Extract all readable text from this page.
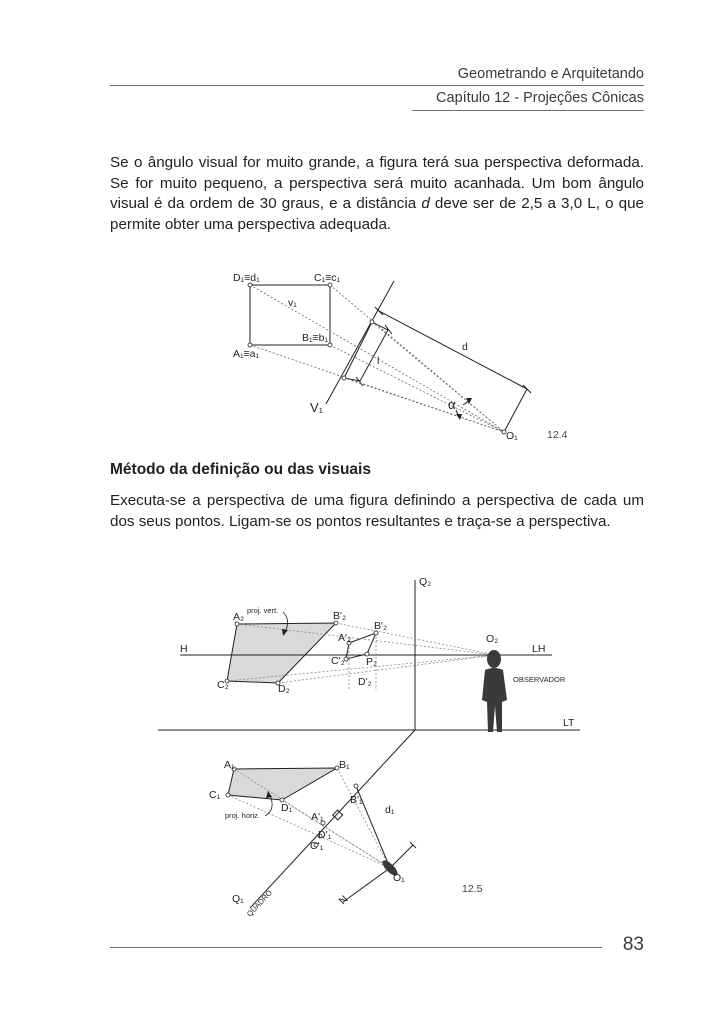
Geometrando e Arquitetando
Capítulo 12 - Projeções Cônicas
Se o ângulo visual for muito grande, a figura terá sua perspectiva deformada.
Se for muito pequeno, a perspectiva será muito acanhada. Um bom ângulo
visual é da ordem de 30 graus, e a distância d deve ser de 2,5 a 3,0 L, o que
permite obter uma perspectiva adequada.
D₁≡d₁	C₁≡c₁
v₁
B₁≡b₁
A₁≡a₁
l
d
V₁	α
O₁	12.4
Método da definição ou das visuais
Executa-se a perspectiva de uma figura definindo a perspectiva de cada um
dos seus pontos. Ligam-se os pontos resultantes e traça-se a perspectiva.
Q₂
A₂
proj. vert.	B'₂
B'₂
A'₂	O₂
H	LH
C'₂ P₂
C₂	D₂
D'₂	OBSERVADOR
LT
A₁	B₁
C₁
D₁
B'₁
d₁
proj. horiz.	A'₁
D'₁
C'₁
O₁
Q₁ QUADRO	N
12.5
83
